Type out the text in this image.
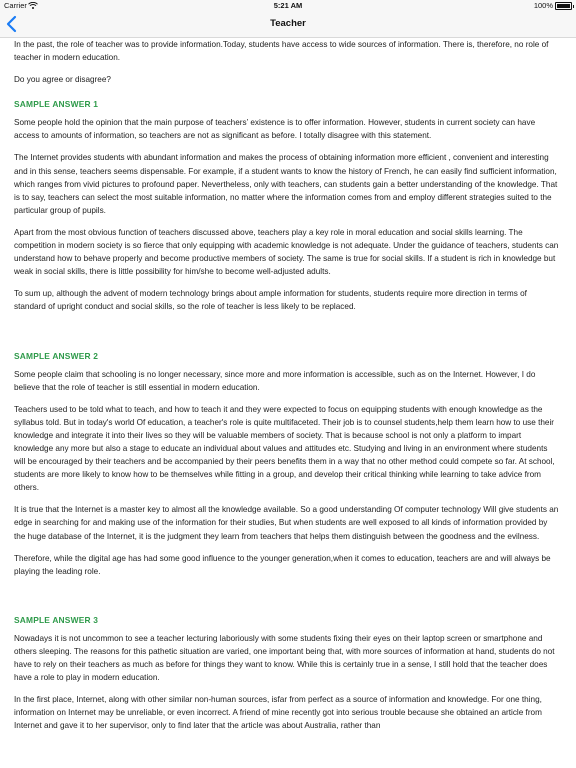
Carrier	5:21 AM	100%
Teacher

In the past, the role of teacher was to provide information.Today, students have access to wide sources of information. There is, therefore, no role of teacher in modern education.

Do you agree or disagree?

SAMPLE ANSWER 1

Some people hold the opinion that the main purpose of teachers’ existence is to offer information. However, students in current society can have access to amounts of information, so teachers are not as significant as before. I totally disagree with this statement.

The Internet provides students with abundant information and makes the process of obtaining information more efficient , convenient and interesting and in this sense, teachers seems dispensable. For example, if a student wants to know the history of French, he can easily find sufficient information, which ranges from vivid pictures to profound paper. Nevertheless, only with teachers, can students gain a better understanding of the knowledge. That is to say, teachers can select the most suitable information, no matter where the information comes from and employ different strategies suited to the particular group of pupils.

Apart from the most obvious function of teachers discussed above, teachers play a key role in moral education and social skills learning. The competition in modern society is so fierce that only equipping with academic knowledge is not adequate. Under the guidance of teachers, students can understand how to behave properly and become productive members of society. The same is true for social skills. If a student is rich in knowledge but weak in social skills, there is little possibility for him/she to become well-adjusted adults.

To sum up, although the advent of modern technology brings about ample information for students, students require more direction in terms of standard of upright conduct and social skills, so the role of teacher is less likely to be replaced.

SAMPLE ANSWER 2

Some people claim that schooling is no longer necessary, since more and more information is accessible, such as on the Internet. However, I do believe that the role of teacher is still essential in modern education.

Teachers used to be told what to teach, and how to teach it and they were expected to focus on equipping students with enough knowledge as the syllabus told. But in today's world Of education, a teacher's role is quite multifaceted. Their job is to counsel students,help them learn how to use their knowledge and integrate it into their lives so they will be valuable members of society. That is because school is not only a platform to impart knowledge any more but also a stage to educate an individual about values and attitudes etc. Studying and living in an environment where students will be encouraged by their teachers and be accompanied by their peers benefits them in a way that no other method could compete so far. At school, students are more likely to know how to be themselves while fitting in a group, and develop their critical thinking while learning to take advice from others.

It is true that the Internet is a master key to almost all the knowledge available. So a good understanding Of computer technology Will give students an edge in searching for and making use of the information for their studies, But when students are well exposed to all kinds of information provided by the huge database of the Internet, it is the judgment they learn from teachers that helps them distinguish between the goodness and the evilness.

Therefore, while the digital age has had some good influence to the younger generation,when it comes to education, teachers are and will always be playing the leading role.

SAMPLE ANSWER 3

Nowadays it is not uncommon to see a teacher lecturing laboriously with some students fixing their eyes on their laptop screen or smartphone and others sleeping. The reasons for this pathetic situation are varied, one important being that, with more sources of information at hand, students do not have to rely on their teachers as much as before for things they want to know. While this is certainly true in a sense, I still hold that the teacher does have a role to play in modern education.

In the first place, Internet, along with other similar non-human sources, isfar from perfect as a source of information and knowledge. For one thing, information on Internet may be unreliable, or even incorrect. A friend of mine recently got into serious trouble because she obtained an article from Internet and gave it to her supervisor, only to find later that the article was about Australia, rather than
